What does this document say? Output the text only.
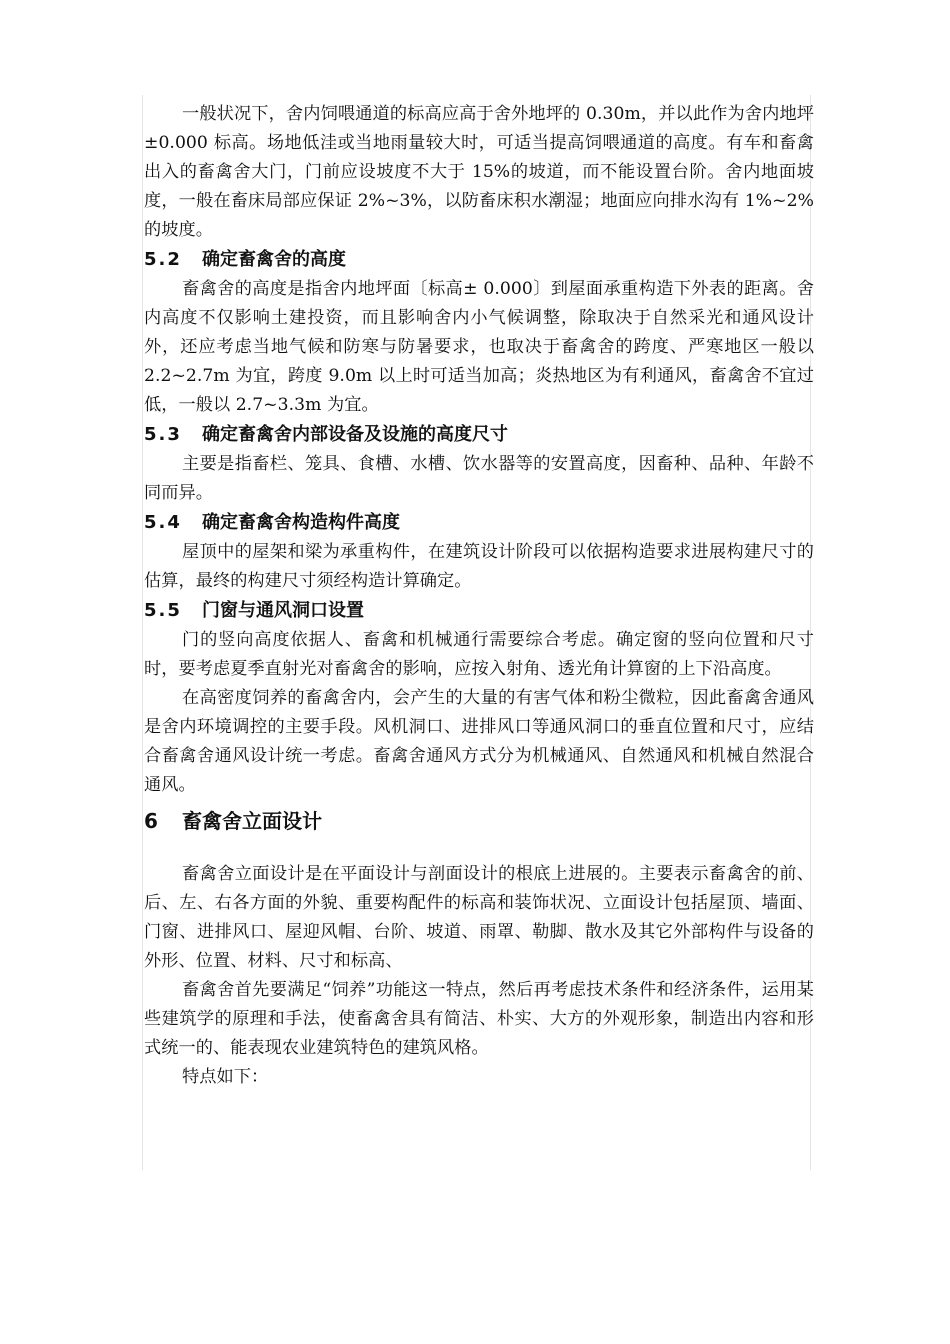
一般状况下，舍内饲喂通道的标高应高于舍外地坪的 0.30m，并以此作为舍内地坪±0.000 标高。场地低洼或当地雨量较大时，可适当提高饲喂通道的高度。有车和畜禽出入的畜禽舍大门，门前应设坡度不大于 15%的坡道，而不能设置台阶。舍内地面坡度，一般在畜床局部应保证 2%~3%，以防畜床积水潮湿；地面应向排水沟有 1%~2%的坡度。

5.2 确定畜禽舍的高度

畜禽舍的高度是指舍内地坪面〔标高± 0.000〕到屋面承重构造下外表的距离。舍内高度不仅影响土建投资，而且影响舍内小气候调整，除取决于自然采光和通风设计外，还应考虑当地气候和防寒与防暑要求，也取决于畜禽舍的跨度、严寒地区一般以 2.2~2.7m 为宜，跨度 9.0m 以上时可适当加高；炎热地区为有利通风，畜禽舍不宜过低，一般以 2.7~3.3m 为宜。

5.3 确定畜禽舍内部设备及设施的高度尺寸

主要是指畜栏、笼具、食槽、水槽、饮水器等的安置高度，因畜种、品种、年龄不同而异。

5.4 确定畜禽舍构造构件高度

屋顶中的屋架和梁为承重构件，在建筑设计阶段可以依据构造要求进展构建尺寸的估算，最终的构建尺寸须经构造计算确定。

5.5 门窗与通风洞口设置

门的竖向高度依据人、畜禽和机械通行需要综合考虑。确定窗的竖向位置和尺寸时，要考虑夏季直射光对畜禽舍的影响，应按入射角、透光角计算窗的上下沿高度。

在高密度饲养的畜禽舍内，会产生的大量的有害气体和粉尘微粒，因此畜禽舍通风是舍内环境调控的主要手段。风机洞口、进排风口等通风洞口的垂直位置和尺寸，应结合畜禽舍通风设计统一考虑。畜禽舍通风方式分为机械通风、自然通风和机械自然混合通风。

6 畜禽舍立面设计

畜禽舍立面设计是在平面设计与剖面设计的根底上进展的。主要表示畜禽舍的前、后、左、右各方面的外貌、重要构配件的标高和装饰状况、立面设计包括屋顶、墙面、门窗、进排风口、屋迎风帽、台阶、坡道、雨罩、勒脚、散水及其它外部构件与设备的外形、位置、材料、尺寸和标高、

畜禽舍首先要满足“饲养”功能这一特点，然后再考虑技术条件和经济条件，运用某些建筑学的原理和手法，使畜禽舍具有简洁、朴实、大方的外观形象，制造出内容和形式统一的、能表现农业建筑特色的建筑风格。

特点如下：
